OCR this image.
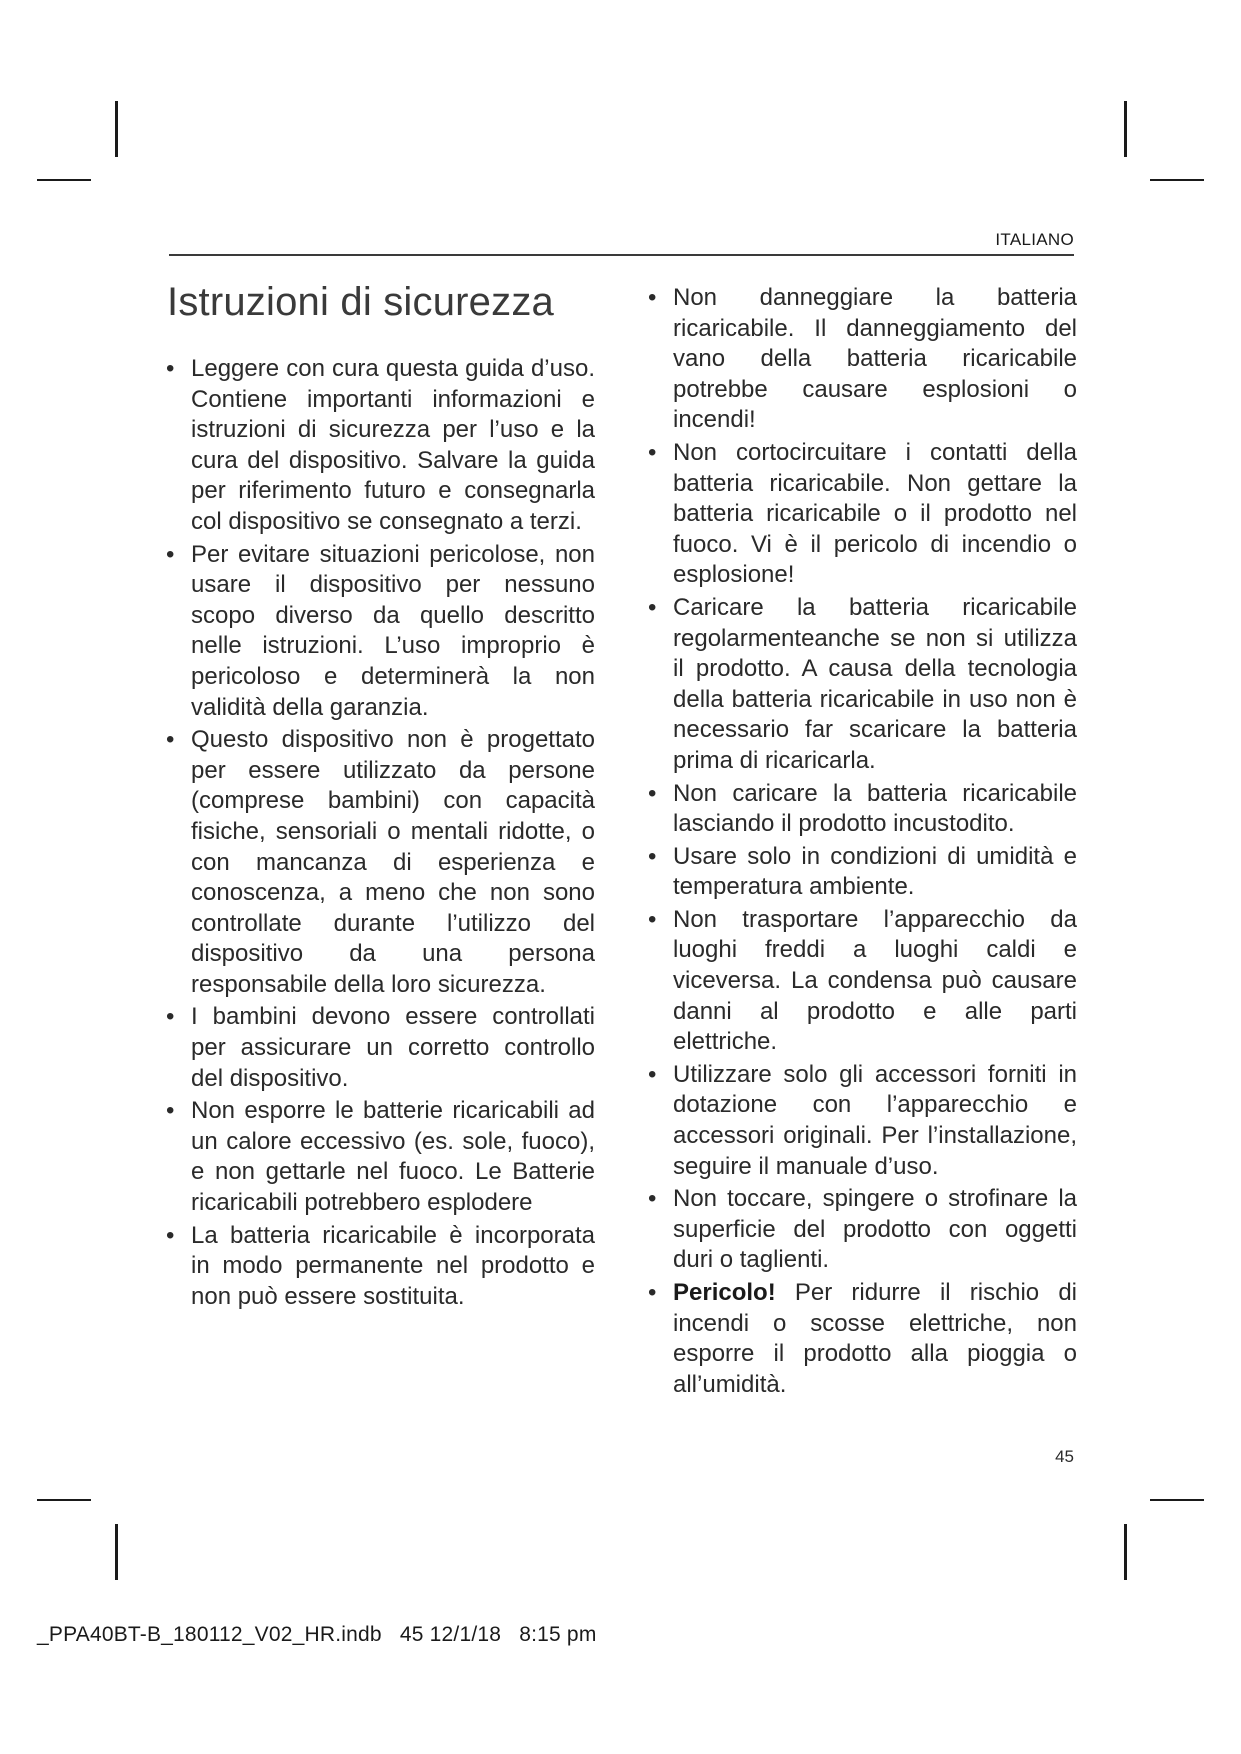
ITALIANO
Istruzioni di sicurezza
• Leggere con cura questa guida d’uso. Contiene importanti informazioni e istruzioni di sicurezza per l’uso e la cura del dispositivo. Salvare la guida per riferimento futuro e consegnarla col dispositivo se consegnato a terzi.
• Per evitare situazioni pericolose, non usare il dispositivo per nessuno scopo diverso da quello descritto nelle istruzioni. L’uso improprio è pericoloso e determinerà la non validità della garanzia.
• Questo dispositivo non è progettato per essere utilizzato da persone (comprese bambini) con capacità fisiche, sensoriali o mentali ridotte, o con mancanza di esperienza e conoscenza, a meno che non sono controllate durante l’utilizzo del dispositivo da una persona responsabile della loro sicurezza.
• I bambini devono essere controllati per assicurare un corretto controllo del dispositivo.
• Non esporre le batterie ricaricabili ad un calore eccessivo (es. sole, fuoco), e non gettarle nel fuoco. Le Batterie ricaricabili potrebbero esplodere
• La batteria ricaricabile è incorporata in modo permanente nel prodotto e non può essere sostituita.
• Non danneggiare la batteria ricaricabile. Il danneggiamento del vano della batteria ricaricabile potrebbe causare esplosioni o incendi!
• Non cortocircuitare i contatti della batteria ricaricabile. Non gettare la batteria ricaricabile o il prodotto nel fuoco. Vi è il pericolo di incendio o esplosione!
• Caricare la batteria ricaricabile regolarmenteanche se non si utilizza il prodotto. A causa della tecnologia della batteria ricaricabile in uso non è necessario far scaricare la batteria prima di ricaricarla.
• Non caricare la batteria ricaricabile lasciando il prodotto incustodito.
• Usare solo in condizioni di umidità e temperatura ambiente.
• Non trasportare l’apparecchio da luoghi freddi a luoghi caldi e viceversa. La condensa può causare danni al prodotto e alle parti elettriche.
• Utilizzare solo gli accessori forniti in dotazione con l’apparecchio e accessori originali. Per l’installazione, seguire il manuale d’uso.
• Non toccare, spingere o strofinare la superficie del prodotto con oggetti duri o taglienti.
• Pericolo! Per ridurre il rischio di incendi o scosse elettriche, non esporre il prodotto alla pioggia o all’umidità.
45
_PPA40BT-B_180112_V02_HR.indb   45 12/1/18   8:15 pm
